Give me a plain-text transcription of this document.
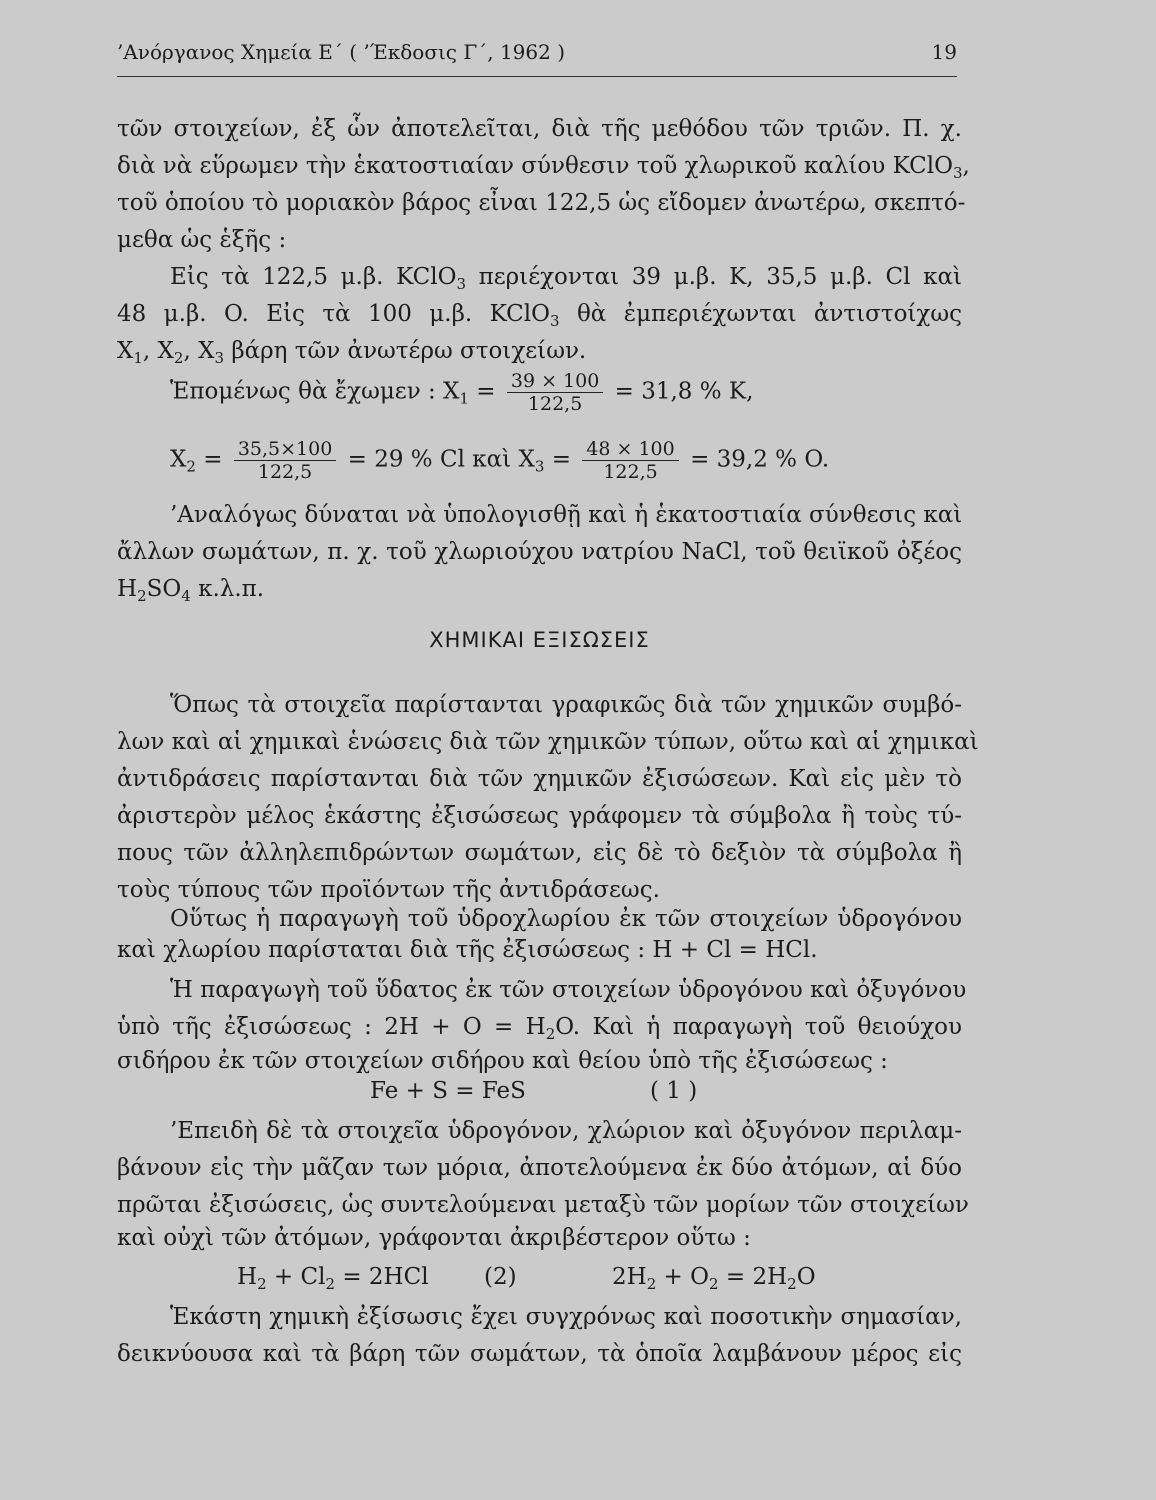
’Ανόργανος Χημεία Ε΄ ( ’Έκδοσις Γ΄, 1962 )	19
τῶν στοιχείων, ἐξ ὧν ἀποτελεῖται, διὰ τῆς μεθόδου τῶν τριῶν. Π. χ.
διὰ νὰ εὕρωμεν τὴν ἑκατοστιαίαν σύνθεσιν τοῦ χλωρικοῦ καλίου KClO$_3$,
τοῦ ὁποίου τὸ μοριακὸν βάρος εἶναι 122,5 ὡς εἴδομεν ἀνωτέρω, σκεπτό-
μεθα ὡς ἑξῆς :
Εἰς τὰ 122,5 μ.β. KClO$_3$ περιέχονται 39 μ.β. K, 35,5 μ.β. Cl καὶ
48 μ.β. O. Εἰς τὰ 100 μ.β. KClO$_3$ θὰ ἐμπεριέχωνται ἀντιστοίχως
$X_1$, $X_2$, $X_3$ βάρη τῶν ἀνωτέρω στοιχείων.
Ἑπομένως θὰ ἔχωμεν : $X_1 = \frac{39 \times 100}{122,5} = 31,8$ % K,
$X_2 = \frac{35,5\times 100}{122,5} = 29$ % Cl καὶ $X_3 = \frac{48 \times 100}{122,5} = 39,2$ % O.
’Αναλόγως δύναται νὰ ὑπολογισθῇ καὶ ἡ ἑκατοστιαία σύνθεσις καὶ
ἄλλων σωμάτων, π. χ. τοῦ χλωριούχου νατρίου NaCl, τοῦ θειϊκοῦ ὀξέος
$H_2SO_4$ κ.λ.π.
ΧΗΜΙΚΑΙ ΕΞΙΣΩΣΕΙΣ
Ὅπως τὰ στοιχεῖα παρίστανται γραφικῶς διὰ τῶν χημικῶν συμβό-
λων καὶ αἱ χημικαὶ ἑνώσεις διὰ τῶν χημικῶν τύπων, οὕτω καὶ αἱ χημικαὶ
ἀντιδράσεις παρίστανται διὰ τῶν χημικῶν ἐξισώσεων. Καὶ εἰς μὲν τὸ
ἀριστερὸν μέλος ἑκάστης ἐξισώσεως γράφομεν τὰ σύμβολα ἢ τοὺς τύ-
πους τῶν ἀλληλεπιδρώντων σωμάτων, εἰς δὲ τὸ δεξιὸν τὰ σύμβολα ἢ
τοὺς τύπους τῶν προϊόντων τῆς ἀντιδράσεως.
Οὕτως ἡ παραγωγὴ τοῦ ὑδροχλωρίου ἐκ τῶν στοιχείων ὑδρογόνου
καὶ χλωρίου παρίσταται διὰ τῆς ἐξισώσεως : H + Cl = HCl.
Ἡ παραγωγὴ τοῦ ὕδατος ἐκ τῶν στοιχείων ὑδρογόνου καὶ ὀξυγόνου
ὑπὸ τῆς ἐξισώσεως : $2H + O = H_2O$. Καὶ ἡ παραγωγὴ τοῦ θειούχου
σιδήρου ἐκ τῶν στοιχείων σιδήρου καὶ θείου ὑπὸ τῆς ἐξισώσεως :
Fe + S = FeS	( 1 )
’Επειδὴ δὲ τὰ στοιχεῖα ὑδρογόνον, χλώριον καὶ ὀξυγόνον περιλαμ-
βάνουν εἰς τὴν μᾶζαν των μόρια, ἀποτελούμενα ἐκ δύο ἀτόμων, αἱ δύο
πρῶται ἐξισώσεις, ὡς συντελούμεναι μεταξὺ τῶν μορίων τῶν στοιχείων
καὶ οὐχὶ τῶν ἀτόμων, γράφονται ἀκριβέστερον οὕτω :
$H_2 + Cl_2 = 2HCl$ (2)	$2H_2 + O_2 = 2H_2O$
Ἑκάστη χημικὴ ἐξίσωσις ἔχει συγχρόνως καὶ ποσοτικὴν σημασίαν,
δεικνύουσα καὶ τὰ βάρη τῶν σωμάτων, τὰ ὁποῖα λαμβάνουν μέρος εἰς
